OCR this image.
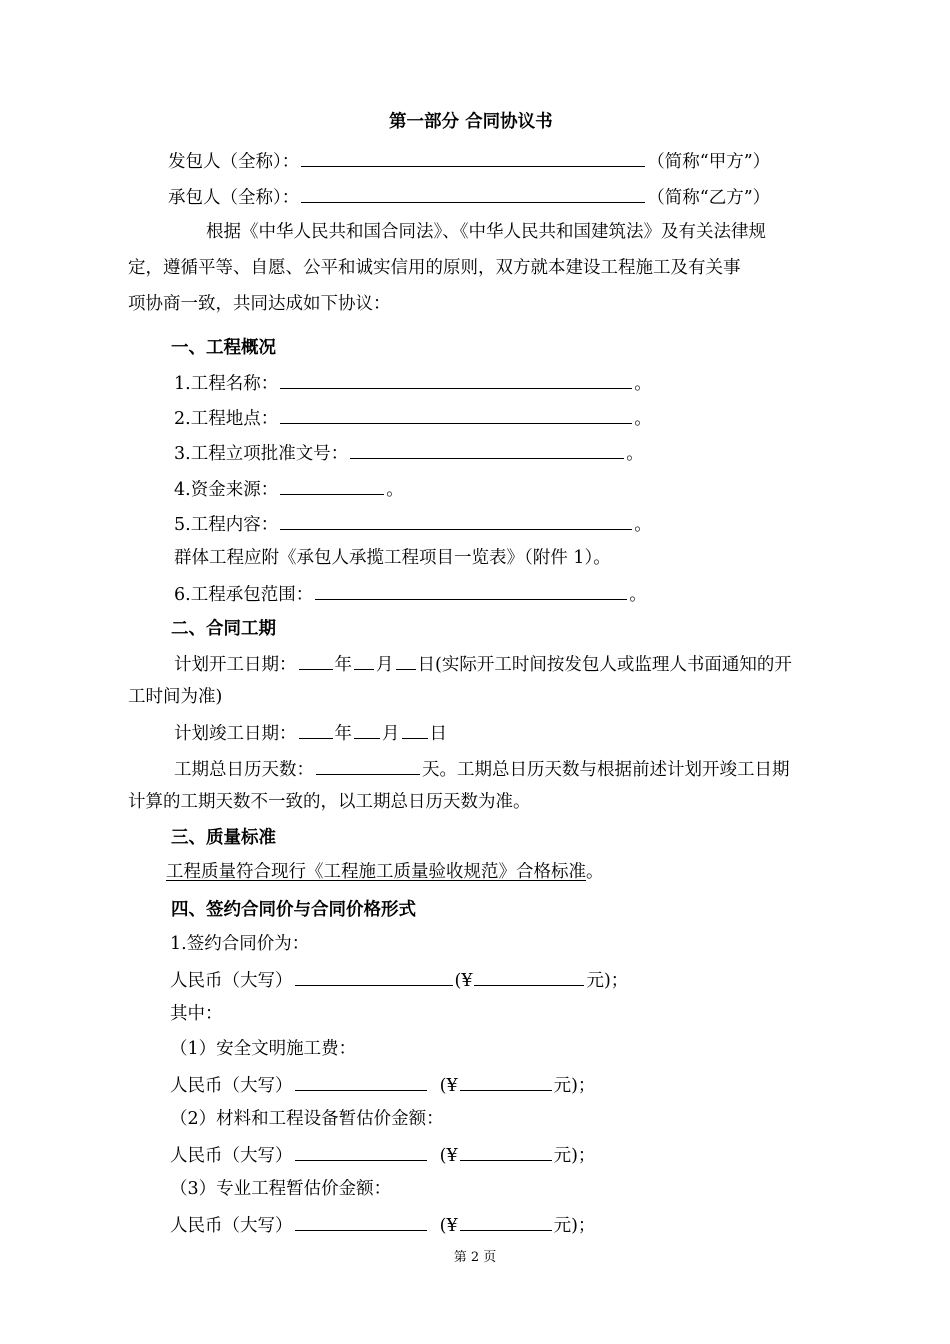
第一部分 合同协议书
发包人（全称）：	（简称“甲方”）
承包人（全称）：	（简称“乙方”）
根据《中华人民共和国合同法》、《中华人民共和国建筑法》及有关法律规
定，遵循平等、自愿、公平和诚实信用的原则，双方就本建设工程施工及有关事
项协商一致，共同达成如下协议：
一、工程概况
1.工程名称：	。
2.工程地点：	。
3.工程立项批准文号：	。
4.资金来源：	。
5.工程内容：	。
群体工程应附《承包人承揽工程项目一览表》（附件 1）。
6.工程承包范围：	。
二、合同工期
计划开工日期： 年 月 日(实际开工时间按发包人或监理人书面通知的开
工时间为准)
计划竣工日期： 年 月 日
工期总日历天数：	天。工期总日历天数与根据前述计划开竣工日期
计算的工期天数不一致的，以工期总日历天数为准。
三、质量标准
工程质量符合现行《工程施工质量验收规范》合格标准。
四、签约合同价与合同价格形式
1.签约合同价为：
人民币（大写）	(¥	元)；
其中：
（1）安全文明施工费：
人民币（大写）	(¥	元)；
（2）材料和工程设备暂估价金额：
人民币（大写）	(¥	元)；
（3）专业工程暂估价金额：
人民币（大写）	(¥	元)；
第 2 页
